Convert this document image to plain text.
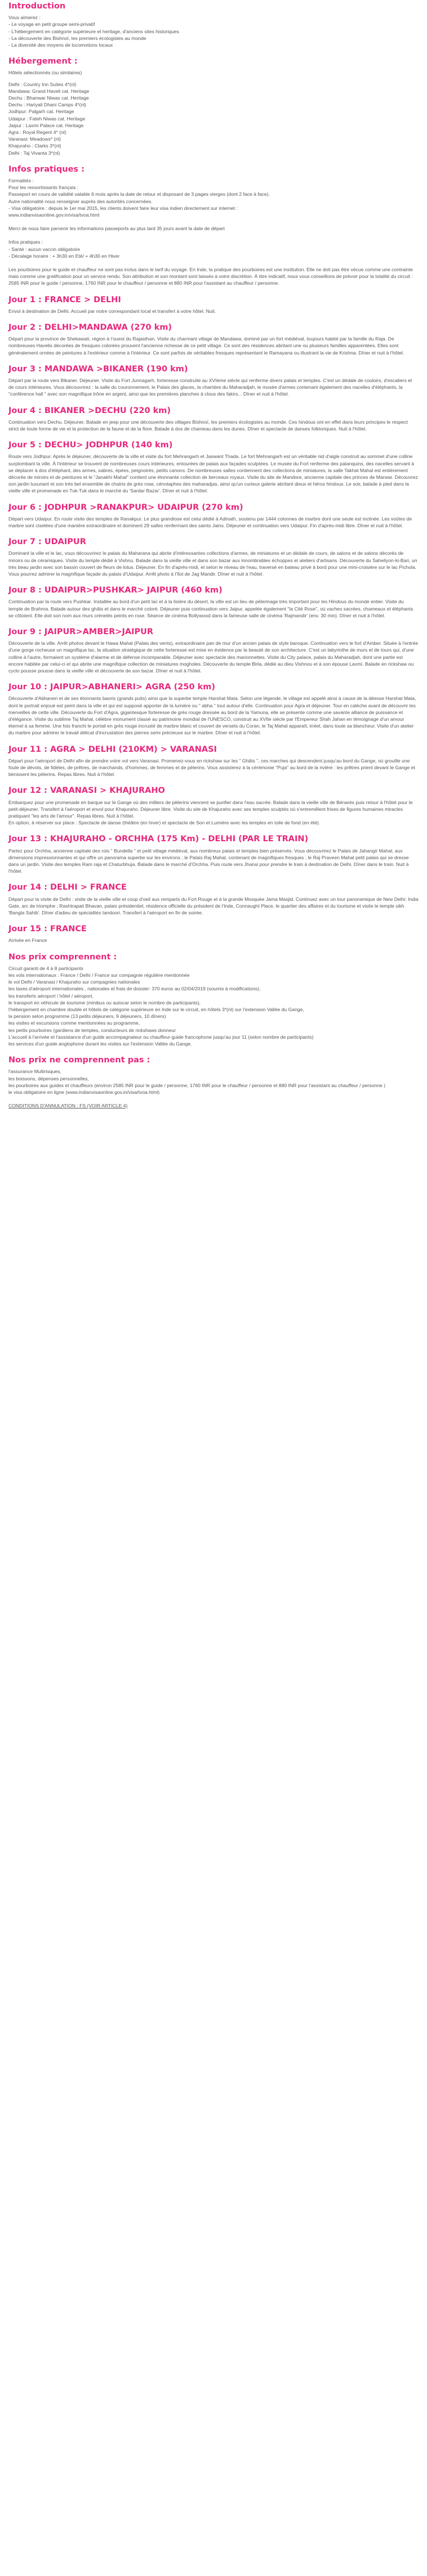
Introduction

Vous aimerez :

- Le voyage en petit groupe semi-privatif

- L'hébergement en catégorie supérieure et heritage, d'anciens sites historiques

- La découverte des Bishnoï, les premiers écologistes au monde

- La diversité des moyens de locomotions locaux

Hébergement :

Hôtels sélectionnés (ou similaires)

Delhi : Country Inn Suites 4*(nl)

Mandawa: Grand Haveli cat. Heritage

Dechu : Bhanwar Niwas cat. Heritage

Dechu : Hariyali Dhani Camps 4*(nl)

Jodhpur: Palgarh cat. Heritage

Udaipur : Fateh Niwas cat. Heritage

Jaipur : Laxmi Palace cat. Heritage

Agra : Royal Regent 4* (nl)

Varanasi: Meadows* (nl)

Khajuraho : Clarks 3*(nl)

Delhi : Taj Vivanta 3*(nl)

Infos pratiques :

Formalités :

Pour les ressortissants français :

Passeport en cours de validité valable 6 mois après la date de retour et disposant de 3 pages vierges (dont 2 face à face).

Autre nationalité nous renseigner auprès des autorités concernées.

- Visa obligatoire : depuis le 1er mai 2015, les clients doivent faire leur visa indien directement sur internet :

www.indianvisaonline.gov.in/visa/tvoa.html

Merci de nous faire parvenir les informations passeports au plus tard 35 jours avant la date de départ

Infos pratiques :

- Santé : aucun vaccin obligatoire

- Décalage horaire : + 3h30 en Eté/ + 4h30 en Hiver

Les pourboires pour le guide et chauffeur ne sont pas inclus dans le tarif du voyage. En Inde, la pratique des pourboires est une institution. Elle ne doit pas être vécue comme une contrainte mais comme une gratification pour un service rendu. Son attribution et son montant sont laissés à votre discrétion. À titre indicatif, nous vous conseillons de prévoir pour la totalité du circuit : 2585 INR pour le guide / personne, 1760 INR pour le chauffeur / personne et 880 INR pour l'assistant au chauffeur / personne.

Jour 1 : FRANCE > DELHI

Envol à destination de Delhi. Accueil par notre correspondant local et transfert à votre hôtel. Nuit.

Jour 2 : DELHI>MANDAWA (270 km)

Départ pour la province de Shekawati, région à l'ouest du Rajasthan. Visite du charmant village de Mandawa, dominé par un fort médiéval, toujours habité par la famille du Raja. De nombreuses Havelis décorées de fresques colorées prouvent l'ancienne richesse de ce petit village. Ce sont des résidences abritant une ou plusieurs familles apparentées. Elles sont généralement ornées de peintures à l'extérieur comme à l'intérieur. Ce sont parfois de véritables fresques représentant le Ramayana ou illustrant la vie de Krishna. Dîner et nuit à l'hôtel.

Jour 3 : MANDAWA >BIKANER (190 km)

Départ par la route vers Bikaner. Déjeuner. Visite du Fort Junnagarh, forteresse construite au XVIème siècle qui renferme divers palais et temples. C'est un dédale de couloirs, d'escaliers et de cours intérieures. Vous découvrirez : la salle du couronnement, le Palais des glaces, la chambre du Maharadjah, le musée d'armes contenant également des nacelles d'éléphants, la "conférence hall " avec son magnifique trône en argent, ainsi que les premières planches à clous des fakirs... Dîner et nuit à l'hôtel.

Jour 4 : BIKANER >DECHU (220 km)

Continuation vers Dechu. Déjeuner. Balade en jeep pour une découverte des villages Bishnoï, les premiers écologistes au monde. Ces hindous ont en effet dans leurs principes le respect strict de toute forme de vie et la protection de la faune et de la flore. Balade à dos de chameau dans les dunes. Dîner et spectacle de danses folkloriques. Nuit à l'hôtel.

Jour 5 : DECHU> JODHPUR (140 km)

Route vers Jodhpur. Après le déjeuner, découverte de la ville et visite du fort Mehrangarh et Jaswant Thada. Le fort Mehrangarh est un véritable nid d'aigle construit au sommet d'une colline surplombant la ville. À l'intérieur se trouvent de nombreuses cours intérieures, entourées de palais aux façades sculptées. Le musée du Fort renferme des palanquins, des nacelles servant à se déplacer à dos d'éléphant, des armes, sabres, épées, peignoirés, petits canons. De nombreuses salles contiennent des collections de miniatures, la salle Takhat Mahal est entièrement décorée de miroirs et de peintures et le "Janakhi Mahal" contient une étonnante collection de berceaux royaux. Visite du site de Mandore, ancienne capitale des princes de Marwar. Découvrez son jardin luxuriant et son très bel ensemble de chatris de grès rose, cénotaphes des maharadjas, ainsi qu'un curieux galerie abritant dieux et héros hindous. Le soir, balade à pied dans la vieille ville et promenade en Tuk-Tuk dans le marché du 'Sardar Bazar'. Dîner et nuit à l'hôtel.

Jour 6 : JODHPUR >RANAKPUR> UDAIPUR (270 km)

Départ vers Udaipur. En route visite des temples de Ranakpur. Le plus grandiose est celui dédié à Adinath, soutenu par 1444 colonnes de marbre dont une seule est inclinée. Les voûtes de marbre sont ciselées d'une manière extraordinaire et dominent 29 salles renfermant des saints Jains. Déjeuner et continuation vers Udaipur. Fin d'après-midi libre. Dîner et nuit à l'hôtel.

Jour 7 : UDAIPUR

Dominant la ville et le lac, vous découvrirez le palais du Maharana qui abrite d'intéressantes collections d'armes, de miniatures et un dédale de cours, de salons et de salons décorés de miroirs ou de céramiques. Visite du temple dédié à Vishnu. Balade dans la vieille ville et dans son bazar aux innombrables échoppes et ateliers d'artisans. Découverte du Saheliyon-ki-Bari, un très beau jardin avec son bassin couvert de fleurs de lotus. Déjeuner. En fin d'après-midi, et selon le niveau de l'eau, traversé en bateau privé à bord pour une mini-croisière sur le lac Pichola. Vous pourrez admirer la magnifique façade du palais d'Udaipur. Arrêt photo à l'îlot de Jag Mandir. Dîner et nuit à l'hôtel.

Jour 8 : UDAIPUR>PUSHKAR> JAIPUR (460 km)

Continuation par la route vers Pushkar. Installée au bord d'un petit lac et à la lisière du désert, la ville est un lieu de pèlerinage très important pour les Hindous du monde entier. Visite du temple de Brahma. Balade autour des ghâts et dans le marché coloré. Déjeuner puis continuation vers Jaipur, appelée également "la Cité Rose", où vaches sacrées, chameaux et éléphants se côtoient. Elle doit son nom aux murs crénelés peints en rose. Séance de cinéma Bollywood dans la fameuse salle de cinéma 'Rajmandir' (env. 30 min). Dîner et nuit à l'hôtel.

Jour 9 : JAIPUR>AMBER>JAIPUR

Découverte de la ville. Arrêt photos devant le Hawa Mahal (Palais des vents), extraordinaire pan de mur d'un ancien palais de style baroque. Continuation vers le fort d'Amber. Située à l'entrée d'une gorge rocheuse un magnifique lac, la situation stratégique de cette forteresse est mise en évidence par la beauté de son architecture. C'est un labyrinthe de murs et de tours qui, d'une colline à l'autre, formaient un système d'alarme et de défense incomparable. Déjeuner avec spectacle des marionnettes. Visite du City palace, palais du Maharadjah, dont une partie est encore habitée par celui-ci et qui abrite une magnifique collection de miniatures mogholes. Découverte du temple Birla, dédié au dieu Vishnou et à son épouse Laxmi. Balade en rickshaw ou cyclo pousse pousse dans la vieille ville et découverte de son bazar. Dîner et nuit à l'hôtel.

Jour 10 : JAIPUR>ABHANERI> AGRA (250 km)

Découverte d'Abhaneri et de ses étonnants baoris (grands puits) ainsi que la superbe temple Harshat Mata. Selon une légende, le village est appelé ainsi à cause de la déesse Harshat Mata, dont le portrait enjoué est peint dans la ville et qui est supposé apporter de la lumière ou " abha " tout autour d'elle. Continuation pour Agra et déjeuner. Tour en calèche avant de découvrir les merveilles de cette ville. Découverte du Fort d'Agra, gigantesque forteresse de grès rouge dressée au bord de la Yamuna, elle se présente comme une savante alliance de puissance et d'élégance. Visite du sublime Taj Mahal, célèbre monument classé au patrimoine mondial de l'UNESCO, construit au XVIIe siècle par l'Empereur Shah Jahan en témoignage d'un amour éternel à sa femme. Une fois franchi le portail en grès rouge incrusté de marbre blanc et couvert de versets du Coran, le Taj Mahal apparaît, irréel, dans toute sa blancheur. Visite d'un atelier du marbre pour admirer le travail délicat d'incrustation des pierres semi précieuse sur le marbre. Dîner et nuit à l'hôtel.

Jour 11 : AGRA > DELHI (210KM) > VARANASI

Départ pour l'aéroport de Delhi afin de prendre votre vol vers Varanasi. Promenez-vous en rickshaw sur les " Ghâts ", ces marches qui descendent jusqu'au bord du Gange, où grouille une foule de dévots, de fidèles, de prêtres, de marchands, d'hommes, de femmes et de pèlerins. Vous assisterez à la cérémonie "Puja" au bord de la rivière : les prêtres prient devant le Gange et bénissent les pèlerins. Repas libres. Nuit à l'hôtel.

Jour 12 : VARANASI > KHAJURAHO

Embarquez pour une promenade en barque sur le Gange où des milliers de pèlerins viennent se purifier dans l'eau sacrée. Balade dans la vieille ville de Bénarès puis retour à l'hôtel pour le petit-déjeuner. Transfert à l'aéroport et envol pour Khajuraho. Déjeuner libre. Visite du site de Khajuraho avec ses temples sculptés où s'entremêlent frises de figures humaines miracles pratiquant "les arts de l'amour". Repas libres. Nuit à l'hôtel.

En option, à réserver sur place : Spectacle de danse (théâtre (en hiver) et spectacle de Son et Lumière avec les temples en toile de fond (en été).

Jour 13 : KHAJURAHO - ORCHHA (175 Km) - DELHI (PAR LE TRAIN)

Partez pour Orchha, ancienne capitale des rois " Bundella " et petit village médiéval, aux nombreux palais et temples bien préservés. Vous découvrirez le Palais de Jahangir Mahal, aux dimensions impressionnantes et qui offre un panorama superbe sur les environs ; le Palais Raj Mahal, contenant de magnifiques fresques ; le Raj Praveen Mahal petit palais qui se dresse dans un jardin. Visite des temples Ram raja et Chaturbhuja. Balade dans le marché d'Orchha. Puis route vers Jhansi pour prendre le train à destination de Delhi. Dîner dans le train. Nuit à l'hôtel.

Jour 14 : DELHI > FRANCE

Départ pour la visite de Delhi : visite de la vieille ville et coup d'oeil aux remparts du Fort Rouge et à la grande Mosquée Jama Masjid. Continuez avec un tour panoramique de New Delhi: India Gate, arc de triomphe ; Rashtrapati Bhavan, palais présidentiel, résidence officielle du président de l'Inde, Connaught Place, le quartier des affaires et du tourisme et visite le temple sikh 'Bangla Sahib'. Dîner d'adieu de spécialités tandoori. Transfert à l'aéroport en fin de soirée.

Jour 15 : FRANCE

Arrivée en France

Nos prix comprennent :

Circuit garanti de 4 à 8 participants

les vols internationaux : France / Delhi / France sur compagnie régulière mentionnée

le vol Delhi / Varanasi / Khajuraho sur compagnies nationales

les taxes d'aéroport internationales , nationales et frais de dossier: 370 euros au 02/04/2019 (soumis à modifications),

les transferts aéroport / hôtel / aéroport,

le transport en véhicule de tourisme (minibus ou autocar selon le nombre de participants),

l'hébergement en chambre double et hôtels de catégorie supérieure en Inde sur le circuit, en hôtels 3*(nl) sur l'extension Vallée du Gange,

la pension selon programme (13 petits déjeuners, 9 déjeuners, 10 dîners)

les visites et excursions comme mentionnées au programme,

les petits pourboires (gardiens de temples, conducteurs de rickshaws donneur

L'accueil à l'arrivée et l'assistance d'un guide accompagnateur ou chauffeur-guide francophone jusqu'au jour 11 (selon nombre de participants)

les services d'un guide anglophone durant les visites sur l'extension Vallée du Gange.

Nos prix ne comprennent pas :

l'assurance Multirisques,

les boissons, dépenses personnelles,

les pourboires aux guides et chauffeurs (environ 2585 INR pour le guide / personne, 1760 INR pour le chauffeur / personne et 880 INR pour l'assistant au chauffeur / personne )

le visa obligatoire en ligne (www.indianvisaonline.gov.in/visa/tvoa.html)

CONDITIONS D'ANNULATION : FS (VOIR ARTICLE 4)
